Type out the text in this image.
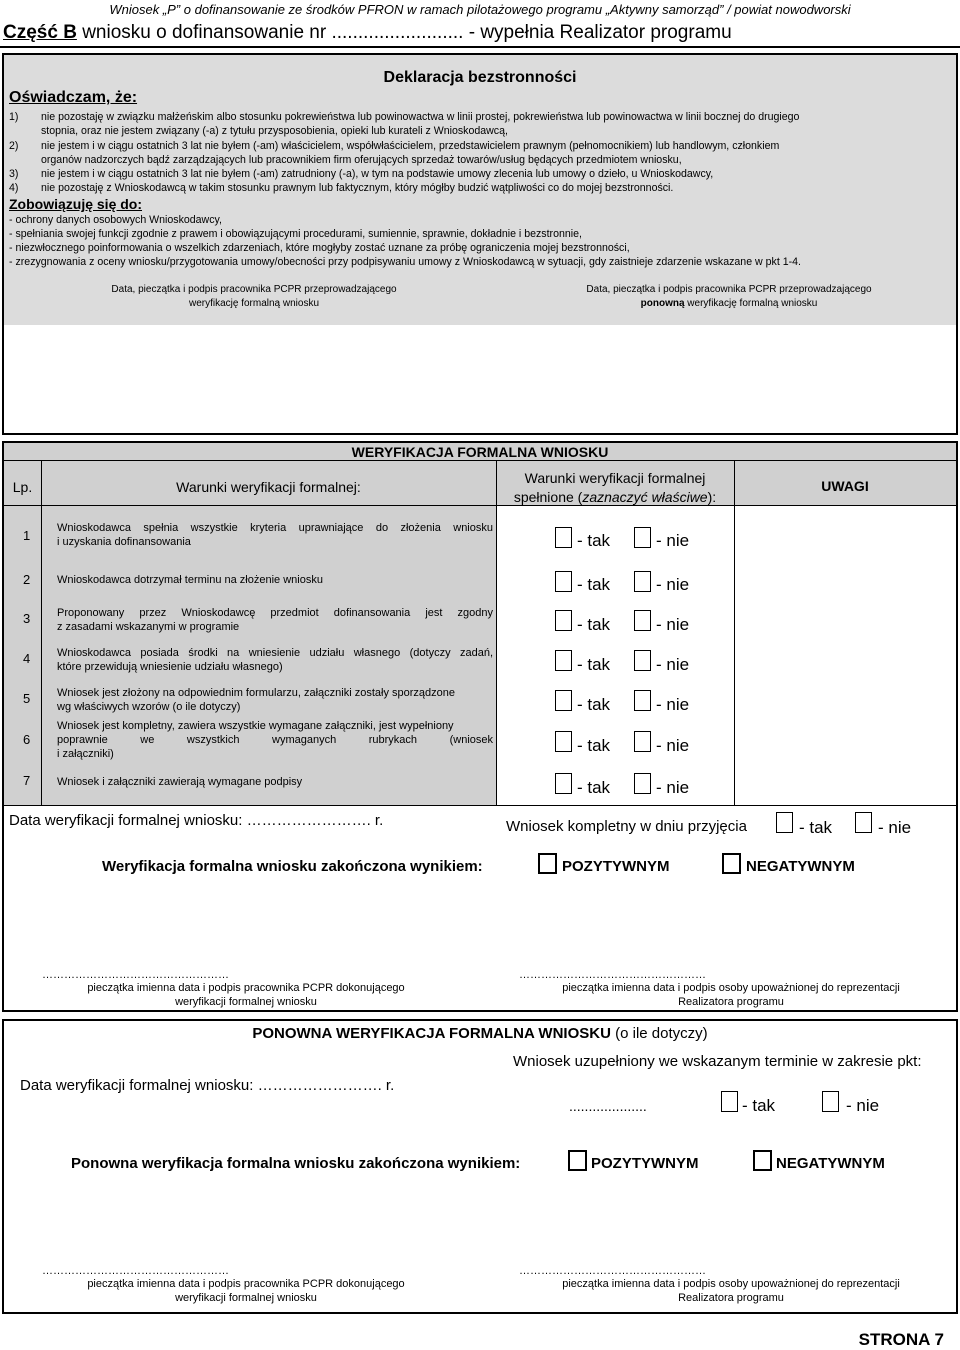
Wniosek „P” o dofinansowanie ze środków PFRON w ramach pilotażowego programu „Aktywny samorząd” / powiat nowodworski
Część B wniosku o dofinansowanie nr ......................... - wypełnia Realizator programu
Deklaracja bezstronności
Oświadczam, że:
1) nie pozostaję w związku małżeńskim albo stosunku pokrewieństwa lub powinowactwa w linii prostej, pokrewieństwa lub powinowactwa w linii bocznej do drugiego
stopnia, oraz nie jestem związany (-a) z tytułu przysposobienia, opieki lub kurateli z Wnioskodawcą,
2) nie jestem i w ciągu ostatnich 3 lat nie byłem (-am) właścicielem, współwłaścicielem, przedstawicielem prawnym (pełnomocnikiem) lub handlowym, członkiem
organów nadzorczych bądź zarządzających lub pracownikiem firm oferujących sprzedaż towarów/usług będących przedmiotem wniosku,
3) nie jestem i w ciągu ostatnich 3 lat nie byłem (-am) zatrudniony (-a), w tym na podstawie umowy zlecenia lub umowy o dzieło, u Wnioskodawcy,
4) nie pozostaję z Wnioskodawcą w takim stosunku prawnym lub faktycznym, który mógłby budzić wątpliwości co do mojej bezstronności.
Zobowiązuję się do:
- ochrony danych osobowych Wnioskodawcy,
- spełniania swojej funkcji zgodnie z prawem i obowiązującymi procedurami, sumiennie, sprawnie, dokładnie i bezstronnie,
- niezwłocznego poinformowania o wszelkich zdarzeniach, które mogłyby zostać uznane za próbę ograniczenia mojej bezstronności,
- zrezygnowania z oceny wniosku/przygotowania umowy/obecności przy podpisywaniu umowy z Wnioskodawcą w sytuacji, gdy zaistnieje zdarzenie wskazane w pkt 1-4.
Data, pieczątka i podpis pracownika PCPR przeprowadzającego
weryfikację formalną wniosku
Data, pieczątka i podpis pracownika PCPR przeprowadzającego
ponowną weryfikację formalną wniosku
WERYFIKACJA FORMALNA WNIOSKU
Lp.	Warunki weryfikacji formalnej:
Warunki weryfikacji formalnej
spełnione (zaznaczyć właściwe):
UWAGI
1 Wnioskodawca spełnia wszystkie kryteria uprawniające do złożenia wniosku
i uzyskania dofinansowania	- tak	- nie
2 Wnioskodawca dotrzymał terminu na złożenie wniosku	- tak	- nie
3 Proponowany przez Wnioskodawcę przedmiot dofinansowania jest zgodny
z zasadami wskazanymi w programie	- tak	- nie
4 Wnioskodawca posiada środki na wniesienie udziału własnego (dotyczy zadań,
które przewidują wniesienie udziału własnego)	- tak	- nie
5 Wniosek jest złożony na odpowiednim formularzu, załączniki zostały sporządzone
wg właściwych wzorów (o ile dotyczy)	- tak	- nie
6
Wniosek jest kompletny, zawiera wszystkie wymagane załączniki, jest wypełniony
poprawnie we wszystkich wymaganych rubrykach (wniosek
i załączniki)	- tak	- nie
7 Wniosek i załączniki zawierają wymagane podpisy	- tak	- nie
Data weryfikacji formalnej wniosku: ……………………. r.	Wniosek kompletny w dniu przyjęcia	- tak	- nie
Weryfikacja formalna wniosku zakończona wynikiem:	POZYTYWNYM	NEGATYWNYM
……………………………………………
pieczątka imienna data i podpis pracownika PCPR dokonującego
weryfikacji formalnej wniosku
……………………………………………
pieczątka imienna data i podpis osoby upoważnionej do reprezentacji
Realizatora programu
PONOWNA WERYFIKACJA FORMALNA WNIOSKU (o ile dotyczy)
Wniosek uzupełniony we wskazanym terminie w zakresie pkt:
Data weryfikacji formalnej wniosku: ……………………. r.
....................	- tak	- nie
Ponowna weryfikacja formalna wniosku zakończona wynikiem:	POZYTYWNYM	NEGATYWNYM
……………………………………………
pieczątka imienna data i podpis pracownika PCPR dokonującego
weryfikacji formalnej wniosku
……………………………………………
pieczątka imienna data i podpis osoby upoważnionej do reprezentacji
Realizatora programu
STRONA 7
